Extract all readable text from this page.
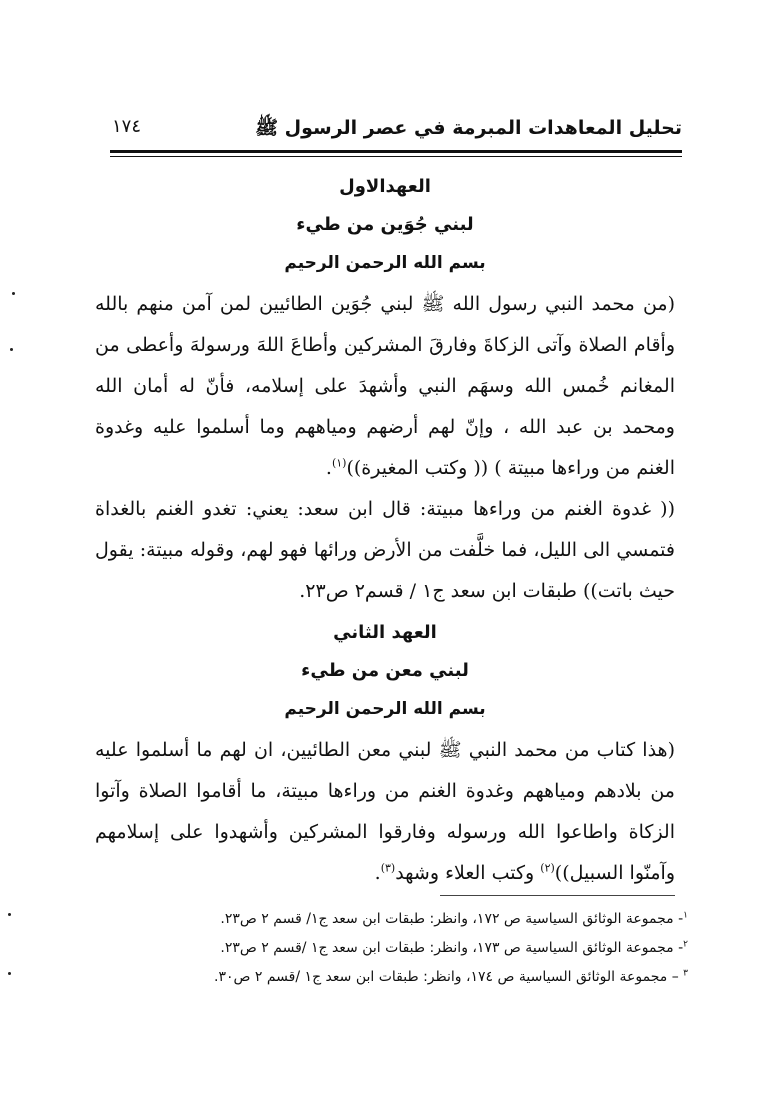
تحليل المعاهدات المبرمة في عصر الرسول ﷺ
١٧٤

العهدالاول

لبني جُوَين من طيء

بسم الله الرحمن الرحيم

(من محمد النبي رسول الله ﷺ لبني جُوَين الطائيين لمن آمن منهم بالله وأقام الصلاة وآتى الزكاةَ وفارقَ المشركين وأطاعَ اللهَ ورسولهَ وأعطى من المغانم خُمس الله وسهَم النبي وأشهدَ على إسلامه، فأنّ له أمان الله ومحمد بن عبد الله ، وإنّ لهم أرضهم ومياههم وما أسلموا عليه وغدوة الغنم من وراءها مبيتة ) (( وكتب المغيرة))$^{(١)}$.

(( غدوة الغنم من وراءها مبيتة: قال ابن سعد: يعني: تغدو الغنم بالغداة فتمسي الى الليل، فما خلَّفت من الأرض ورائها فهو لهم، وقوله مبيتة: يقول حيث باتت)) طبقات ابن سعد ج١ / قسم٢ ص٢٣.

العهد الثاني

لبني معن من طيء

بسم الله الرحمن الرحيم

(هذا كتاب من محمد النبي ﷺ لبني معن الطائيين، ان لهم ما أسلموا عليه من بلادهم ومياههم وغدوة الغنم من وراءها مبيتة، ما أقاموا الصلاة وآتوا الزكاة واطاعوا الله ورسوله وفارقوا المشركين وأشهدوا على إسلامهم وآمنّوا السبيل))$^{(٢)}$ وكتب العلاء وشهد$^{(٣)}$.

$^١$- مجموعة الوثائق السياسية ص ١٧٢، وانظر: طبقات ابن سعد ج١/ قسم ٢ ص٢٣.

$^٢$- مجموعة الوثائق السياسية ص ١٧٣، وانظر: طبقات ابن سعد ج١ /قسم ٢ ص٢٣.

$^٣$ – مجموعة الوثائق السياسية ص ١٧٤، وانظر: طبقات ابن سعد ج١ /قسم ٢ ص٣٠.
